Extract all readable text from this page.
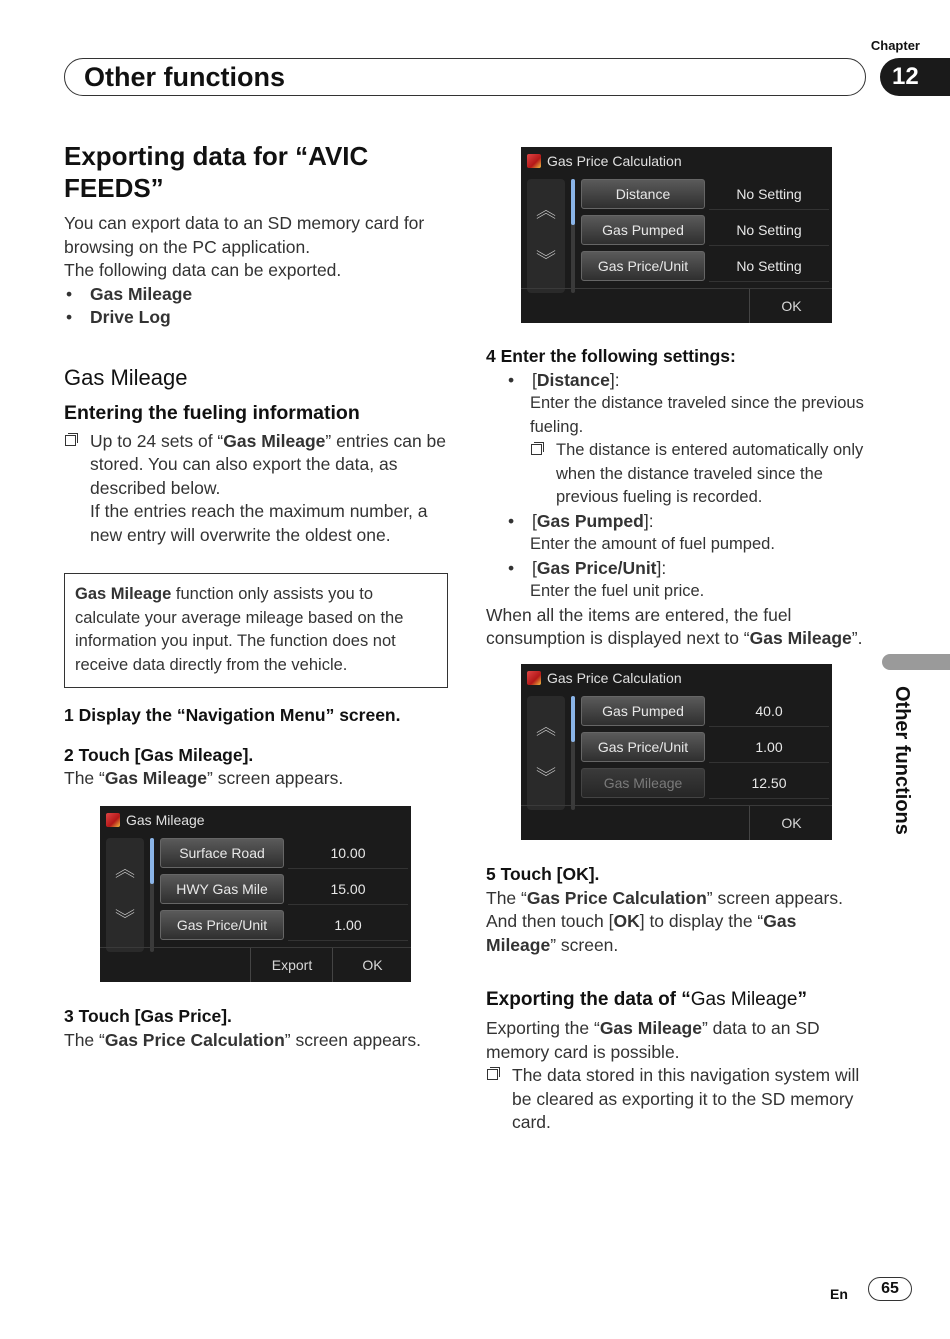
Chapter
Other functions	12
Other functions
Exporting data for “AVIC FEEDS”

You can export data to an SD memory card for browsing on the PC application.

The following data can be exported.

• Gas Mileage

• Drive Log

Gas Mileage
Entering the fueling information
Up to 24 sets of “Gas Mileage” entries can be stored. You can also export the data, as described below.
If the entries reach the maximum number, a new entry will overwrite the oldest one.

Gas Mileage function only assists you to calculate your average mileage based on the information you input. The function does not receive data directly from the vehicle.

1 Display the “Navigation Menu” screen.

2 Touch [Gas Mileage].

The “Gas Mileage” screen appears.

Gas Mileage
︽
︾
Surface Road	10.00
HWY Gas Mile	15.00
Gas Price/Unit	1.00
Export	OK

3 Touch [Gas Price].

The “Gas Price Calculation” screen appears.

Gas Price Calculation
︽
︾
Distance	No Setting
Gas Pumped	No Setting
Gas Price/Unit	No Setting
OK

4 Enter the following settings:

• [Distance]:

Enter the distance traveled since the previous fueling.

The distance is entered automatically only when the distance traveled since the previous fueling is recorded.

• [Gas Pumped]:

Enter the amount of fuel pumped.

• [Gas Price/Unit]:

Enter the fuel unit price.

When all the items are entered, the fuel consumption is displayed next to “Gas Mileage”.

Gas Price Calculation
︽
︾
Gas Pumped	40.0
Gas Price/Unit	1.00
Gas Mileage	12.50
OK

5 Touch [OK].

The “Gas Price Calculation” screen appears.

And then touch [OK] to display the “Gas Mileage” screen.

Exporting the data of “Gas Mileage”

Exporting the “Gas Mileage” data to an SD memory card is possible.

The data stored in this navigation system will be cleared as exporting it to the SD memory card.
En	65
